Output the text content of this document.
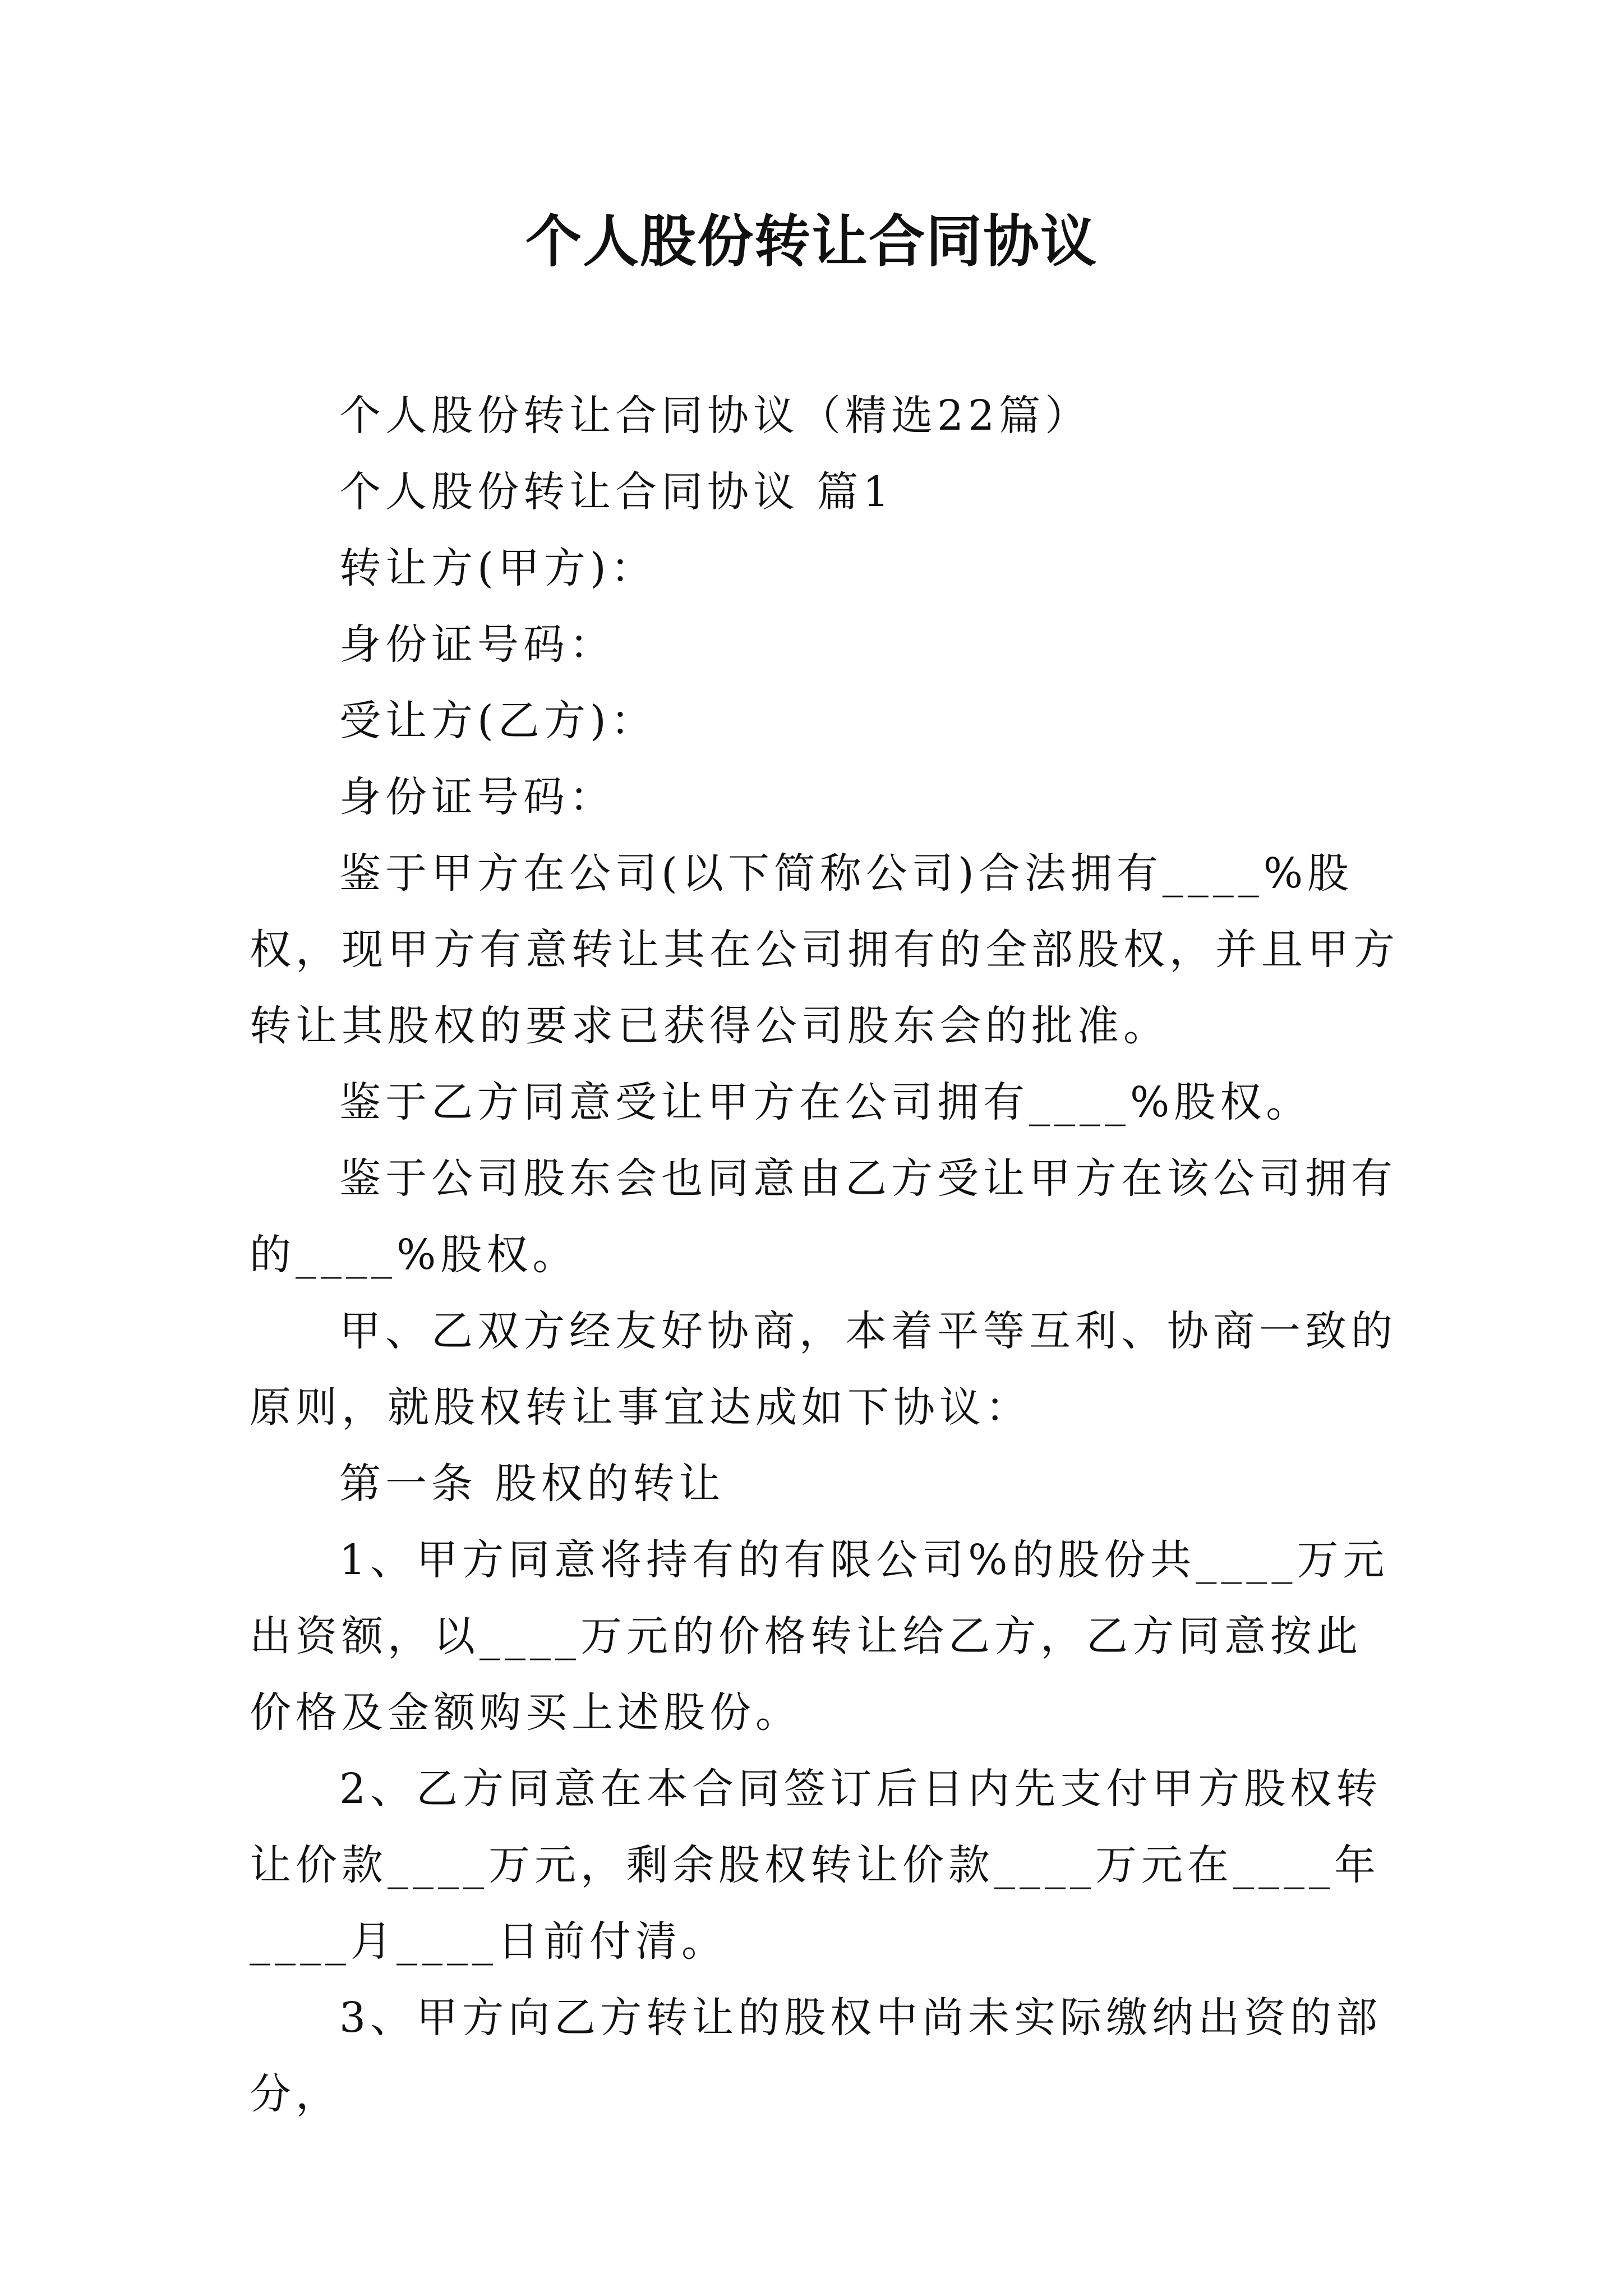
个人股份转让合同协议

个人股份转让合同协议（精选22篇）

个人股份转让合同协议 篇1

转让方(甲方)：

身份证号码：

受让方(乙方)：

身份证号码：

鉴于甲方在公司(以下简称公司)合法拥有____%股权，现甲方有意转让其在公司拥有的全部股权，并且甲方转让其股权的要求已获得公司股东会的批准。

鉴于乙方同意受让甲方在公司拥有____%股权。

鉴于公司股东会也同意由乙方受让甲方在该公司拥有的____%股权。

甲、乙双方经友好协商，本着平等互利、协商一致的原则，就股权转让事宜达成如下协议：

第一条 股权的转让

1、甲方同意将持有的有限公司%的股份共____万元出资额，以____万元的价格转让给乙方，乙方同意按此价格及金额购买上述股份。

2、乙方同意在本合同签订后日内先支付甲方股权转让价款____万元，剩余股权转让价款____万元在____年____月____日前付清。

3、甲方向乙方转让的股权中尚未实际缴纳出资的部分，
